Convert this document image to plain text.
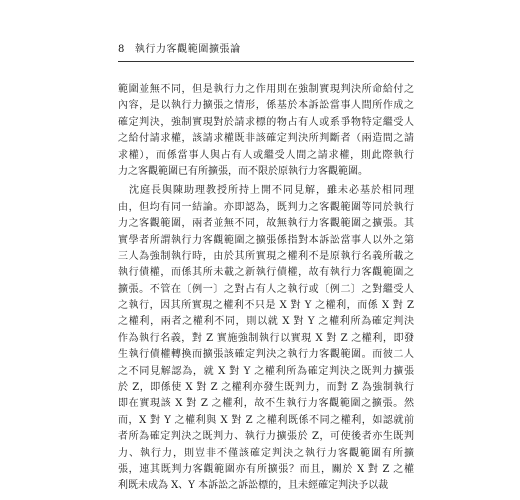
8 執行力客觀範圍擴張論
範圍並無不同，但是執行力之作用則在強制實現判決所命給付之
內容，是以執行力擴張之情形，係基於本訴訟當事人間所作成之
確定判決，強制實現對於請求標的物占有人或系爭物特定繼受人
之給付請求權，該請求權既非該確定判決所判斷者（兩造間之請
求權），而係當事人與占有人或繼受人間之請求權，則此際執行
力之客觀範圍已有所擴張，而不限於原執行力客觀範圍。
　沈庭長與陳助理教授所持上開不同見解，雖未必基於相同理
由，但均有同一結論。亦即認為，既判力之客觀範圍等同於執行
力之客觀範圍，兩者並無不同，故無執行力客觀範圍之擴張。其
實學者所謂執行力客觀範圍之擴張係指對本訴訟當事人以外之第
三人為強制執行時，由於其所實現之權利不是原執行名義所載之
執行債權，而係其所未載之新執行債權，故有執行力客觀範圍之
擴張。不管在〔例一〕之對占有人之執行或〔例二〕之對繼受人
之執行，因其所實現之權利不只是 X 對 Y 之權利，而係 X 對 Z
之權利，兩者之權利不同，則以就 X 對 Y 之權利所為確定判決
作為執行名義，對 Z 實施強制執行以實現 X 對 Z 之權利，即發
生執行債權轉換而擴張該確定判決之執行力客觀範圍。而彼二人
之不同見解認為，就 X 對 Y 之權利所為確定判決之既判力擴張
於 Z，即係使 X 對 Z 之權利亦發生既判力，而對 Z 為強制執行
即在實現該 X 對 Z 之權利，故不生執行力客觀範圍之擴張。然
而，X 對 Y 之權利與 X 對 Z 之權利既係不同之權利，如認就前
者所為確定判決之既判力、執行力擴張於 Z，可使後者亦生既判
力、執行力，則豈非不僅該確定判決之執行力客觀範圍有所擴
張，連其既判力客觀範圍亦有所擴張？而且，關於 X 對 Z 之權
利既未成為 X、Y 本訴訟之訴訟標的，且未經確定判決予以裁
